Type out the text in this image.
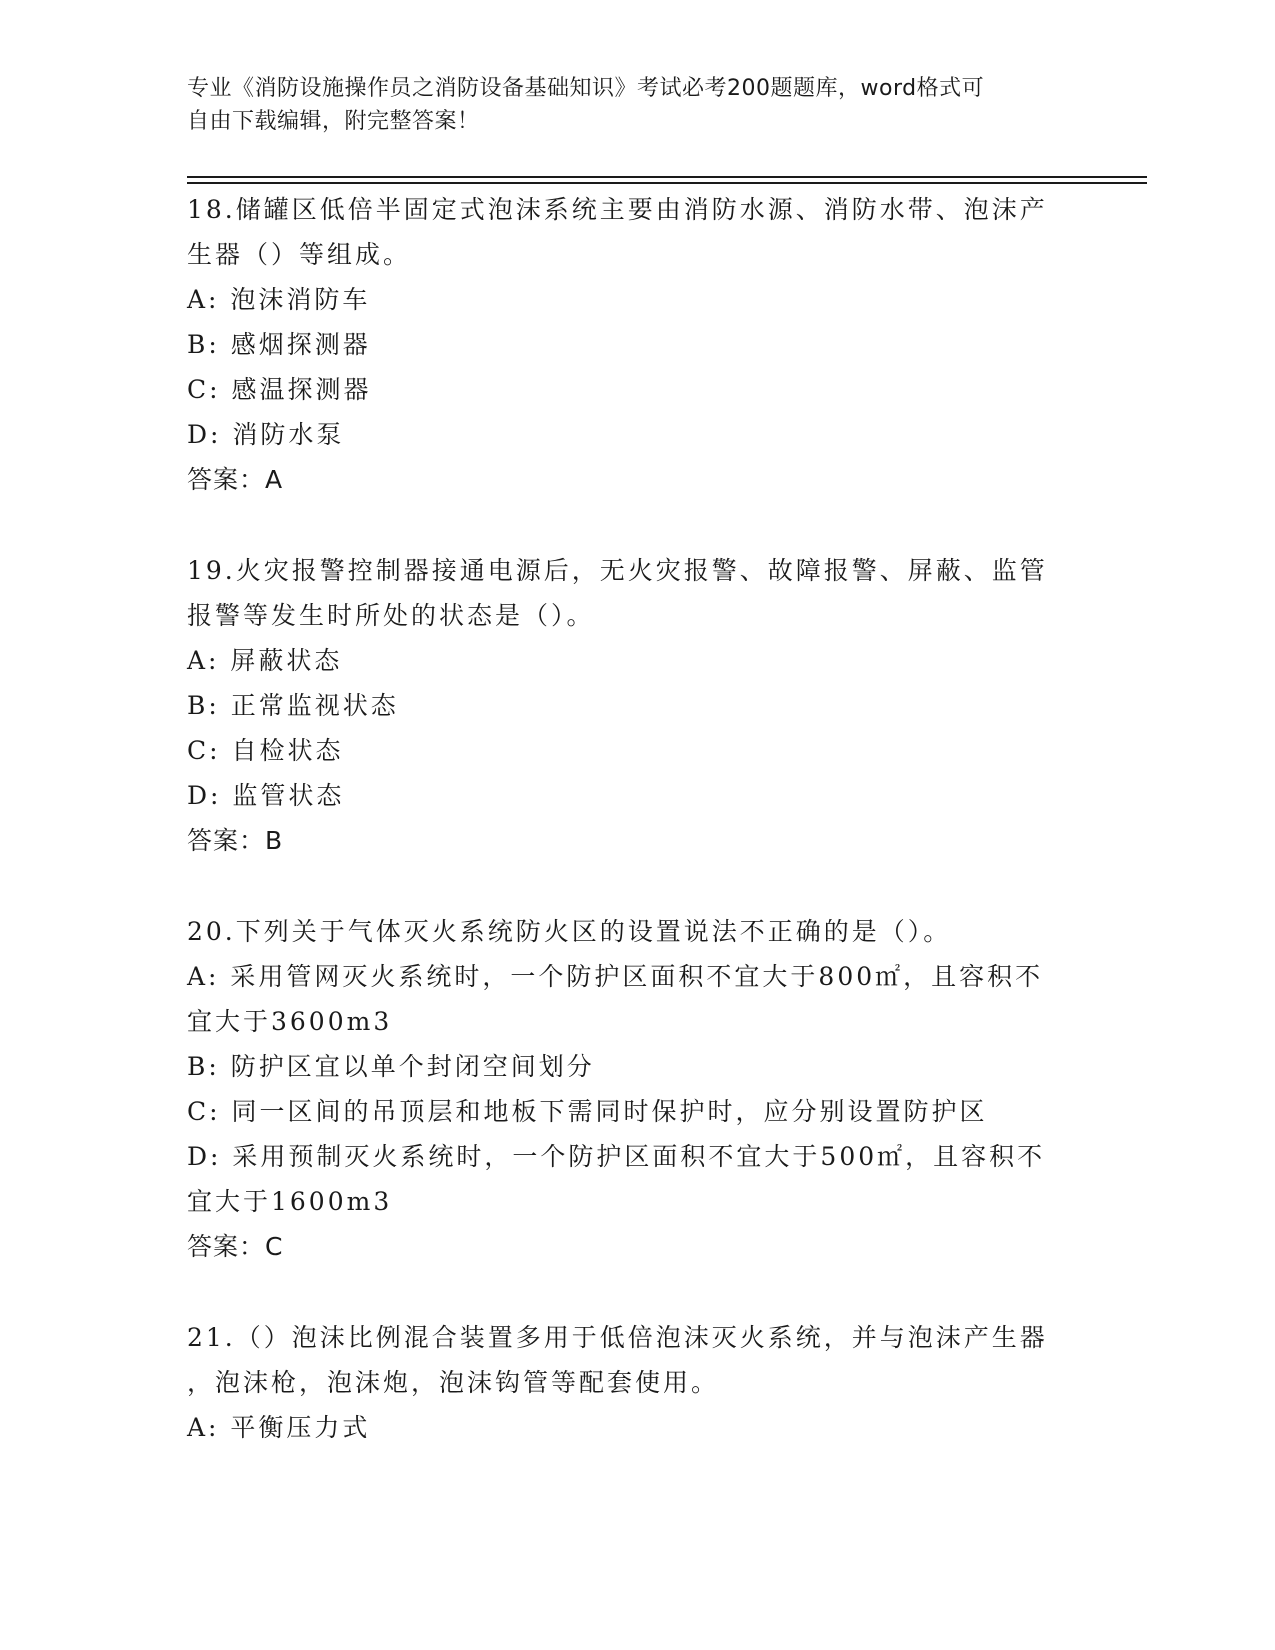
专业《消防设施操作员之消防设备基础知识》考试必考200题题库，word格式可
自由下载编辑，附完整答案！
18.储罐区低倍半固定式泡沫系统主要由消防水源、消防水带、泡沫产
生器（）等组成。
A: 泡沫消防车
B: 感烟探测器
C: 感温探测器
D: 消防水泵
答案：A
19.火灾报警控制器接通电源后，无火灾报警、故障报警、屏蔽、监管
报警等发生时所处的状态是（）。
A: 屏蔽状态
B: 正常监视状态
C: 自检状态
D: 监管状态
答案：B
20.下列关于气体灭火系统防火区的设置说法不正确的是（）。
A: 采用管网灭火系统时，一个防护区面积不宜大于800㎡，且容积不
宜大于3600m3
B: 防护区宜以单个封闭空间划分
C: 同一区间的吊顶层和地板下需同时保护时，应分别设置防护区
D: 采用预制灭火系统时，一个防护区面积不宜大于500㎡，且容积不
宜大于1600m3
答案：C
21.（）泡沫比例混合装置多用于低倍泡沫灭火系统，并与泡沫产生器
，泡沫枪，泡沫炮，泡沫钩管等配套使用。
A: 平衡压力式
